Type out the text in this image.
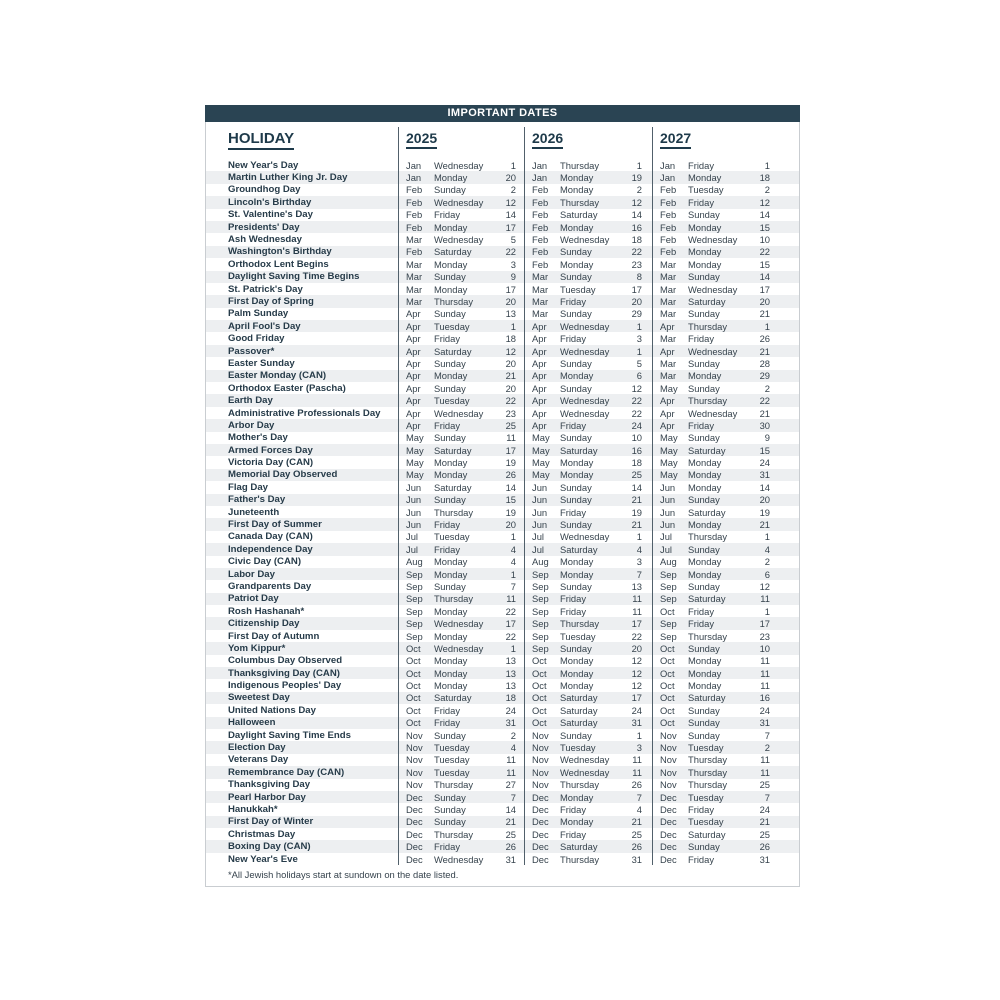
IMPORTANT DATES
HOLIDAY	2025	2026	2027
New Year's Day	Jan	Wednesday	1 Jan	Thursday	1 Jan	Friday	1
Martin Luther King Jr. Day	Jan	Monday	20 Jan	Monday	19 Jan	Monday	18
Groundhog Day	Feb	Sunday	2 Feb	Monday	2 Feb	Tuesday	2
Lincoln's Birthday	Feb	Wednesday	12 Feb	Thursday	12 Feb	Friday	12
St. Valentine's Day	Feb	Friday	14 Feb	Saturday	14 Feb	Sunday	14
Presidents' Day	Feb	Monday	17 Feb	Monday	16 Feb	Monday	15
Ash Wednesday	Mar	Wednesday	5 Feb	Wednesday	18 Feb	Wednesday	10
Washington's Birthday	Feb	Saturday	22 Feb	Sunday	22 Feb	Monday	22
Orthodox Lent Begins	Mar	Monday	3 Feb	Monday	23 Mar	Monday	15
Daylight Saving Time Begins	Mar	Sunday	9 Mar	Sunday	8 Mar	Sunday	14
St. Patrick's Day	Mar	Monday	17 Mar	Tuesday	17 Mar	Wednesday	17
First Day of Spring	Mar	Thursday	20 Mar	Friday	20 Mar	Saturday	20
Palm Sunday	Apr	Sunday	13 Mar	Sunday	29 Mar	Sunday	21
April Fool's Day	Apr	Tuesday	1 Apr	Wednesday	1 Apr	Thursday	1
Good Friday	Apr	Friday	18 Apr	Friday	3 Mar	Friday	26
Passover*	Apr	Saturday	12 Apr	Wednesday	1 Apr	Wednesday	21
Easter Sunday	Apr	Sunday	20 Apr	Sunday	5 Mar	Sunday	28
Easter Monday (CAN)	Apr	Monday	21 Apr	Monday	6 Mar	Monday	29
Orthodox Easter (Pascha)	Apr	Sunday	20 Apr	Sunday	12 May	Sunday	2
Earth Day	Apr	Tuesday	22 Apr	Wednesday	22 Apr	Thursday	22
Administrative Professionals Day	Apr	Wednesday	23 Apr	Wednesday	22 Apr	Wednesday	21
Arbor Day	Apr	Friday	25 Apr	Friday	24 Apr	Friday	30
Mother's Day	May	Sunday	11 May	Sunday	10 May	Sunday	9
Armed Forces Day	May	Saturday	17 May	Saturday	16 May	Saturday	15
Victoria Day (CAN)	May	Monday	19 May	Monday	18 May	Monday	24
Memorial Day Observed	May	Monday	26 May	Monday	25 May	Monday	31
Flag Day	Jun	Saturday	14 Jun	Sunday	14 Jun	Monday	14
Father's Day	Jun	Sunday	15 Jun	Sunday	21 Jun	Sunday	20
Juneteenth	Jun	Thursday	19 Jun	Friday	19 Jun	Saturday	19
First Day of Summer	Jun	Friday	20 Jun	Sunday	21 Jun	Monday	21
Canada Day (CAN)	Jul	Tuesday	1 Jul	Wednesday	1 Jul	Thursday	1
Independence Day	Jul	Friday	4 Jul	Saturday	4 Jul	Sunday	4
Civic Day (CAN)	Aug	Monday	4 Aug	Monday	3 Aug	Monday	2
Labor Day	Sep	Monday	1 Sep	Monday	7 Sep	Monday	6
Grandparents Day	Sep	Sunday	7 Sep	Sunday	13 Sep	Sunday	12
Patriot Day	Sep	Thursday	11 Sep	Friday	11 Sep	Saturday	11
Rosh Hashanah*	Sep	Monday	22 Sep	Friday	11 Oct	Friday	1
Citizenship Day	Sep	Wednesday	17 Sep	Thursday	17 Sep	Friday	17
First Day of Autumn	Sep	Monday	22 Sep	Tuesday	22 Sep	Thursday	23
Yom Kippur*	Oct	Wednesday	1 Sep	Sunday	20 Oct	Sunday	10
Columbus Day Observed	Oct	Monday	13 Oct	Monday	12 Oct	Monday	11
Thanksgiving Day (CAN)	Oct	Monday	13 Oct	Monday	12 Oct	Monday	11
Indigenous Peoples' Day	Oct	Monday	13 Oct	Monday	12 Oct	Monday	11
Sweetest Day	Oct	Saturday	18 Oct	Saturday	17 Oct	Saturday	16
United Nations Day	Oct	Friday	24 Oct	Saturday	24 Oct	Sunday	24
Halloween	Oct	Friday	31 Oct	Saturday	31 Oct	Sunday	31
Daylight Saving Time Ends	Nov	Sunday	2 Nov	Sunday	1 Nov	Sunday	7
Election Day	Nov	Tuesday	4 Nov	Tuesday	3 Nov	Tuesday	2
Veterans Day	Nov	Tuesday	11 Nov	Wednesday	11 Nov	Thursday	11
Remembrance Day (CAN)	Nov	Tuesday	11 Nov	Wednesday	11 Nov	Thursday	11
Thanksgiving Day	Nov	Thursday	27 Nov	Thursday	26 Nov	Thursday	25
Pearl Harbor Day	Dec	Sunday	7 Dec	Monday	7 Dec	Tuesday	7
Hanukkah*	Dec	Sunday	14 Dec	Friday	4 Dec	Friday	24
First Day of Winter	Dec	Sunday	21 Dec	Monday	21 Dec	Tuesday	21
Christmas Day	Dec	Thursday	25 Dec	Friday	25 Dec	Saturday	25
Boxing Day (CAN)	Dec	Friday	26 Dec	Saturday	26 Dec	Sunday	26
New Year's Eve	Dec	Wednesday	31 Dec	Thursday	31 Dec	Friday	31
*All Jewish holidays start at sundown on the date listed.
